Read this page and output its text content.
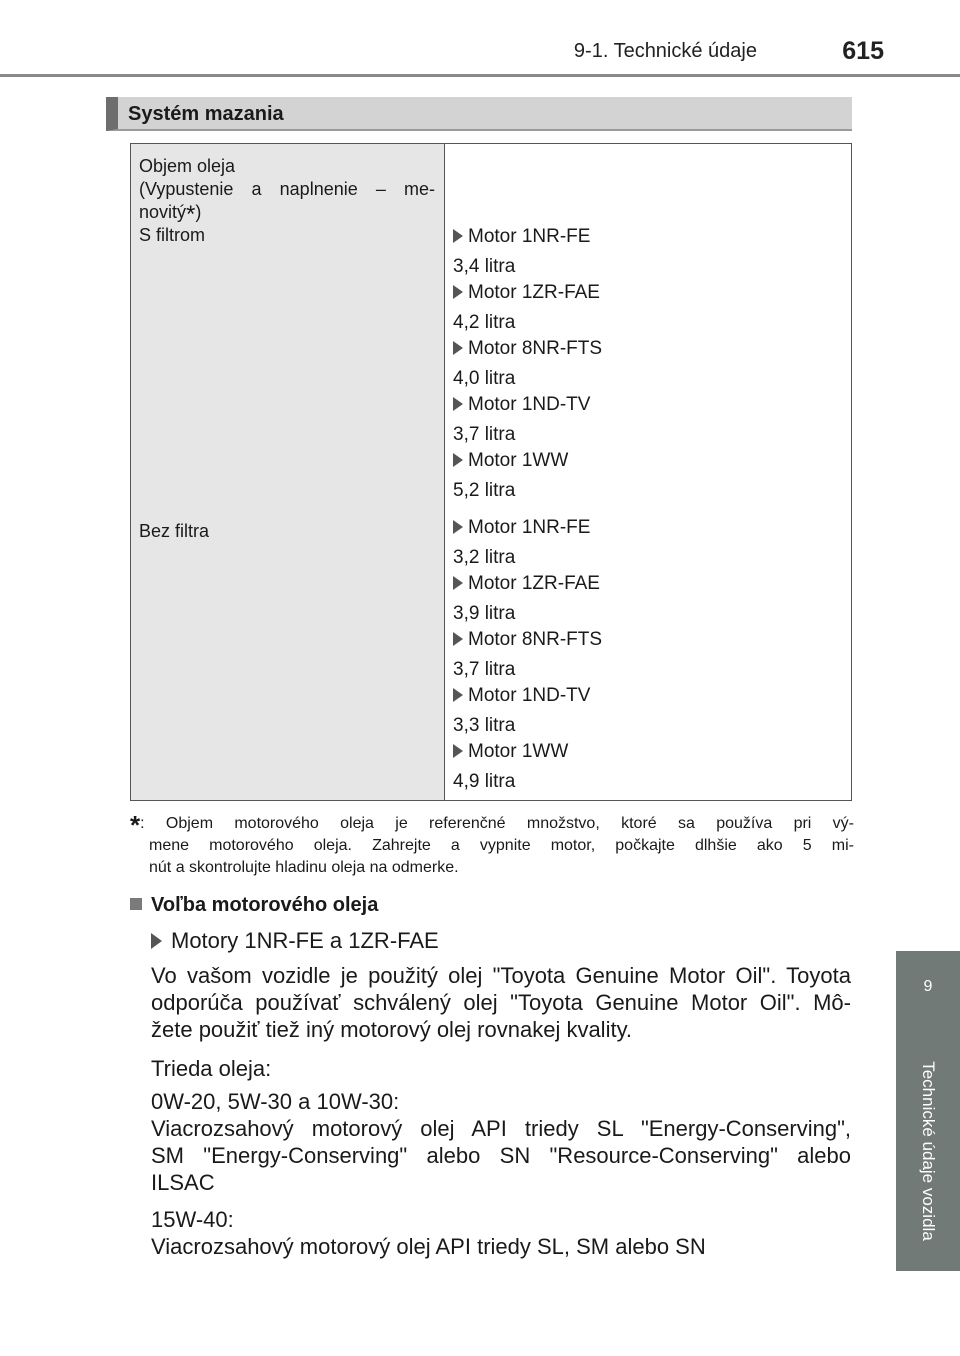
9-1. Technické údaje	615
9
Technické údaje vozidla
Systém mazania
Objem oleja
(Vypustenie a naplnenie – me-
novitý*)
S filtrom
Bez filtra
Motor 1NR-FE
3,4 litra
Motor 1ZR-FAE
4,2 litra
Motor 8NR-FTS
4,0 litra
Motor 1ND-TV
3,7 litra
Motor 1WW
5,2 litra
Motor 1NR-FE
3,2 litra
Motor 1ZR-FAE
3,9 litra
Motor 8NR-FTS
3,7 litra
Motor 1ND-TV
3,3 litra
Motor 1WW
4,9 litra
*: Objem motorového oleja je referenčné množstvo, ktoré sa používa pri vý-
mene motorového oleja. Zahrejte a vypnite motor, počkajte dlhšie ako 5 mi-
nút a skontrolujte hladinu oleja na odmerke.
Voľba motorového oleja
Motory 1NR-FE a 1ZR-FAE
Vo vašom vozidle je použitý olej "Toyota Genuine Motor Oil". Toyota
odporúča používať schválený olej "Toyota Genuine Motor Oil". Mô-
žete použiť tiež iný motorový olej rovnakej kvality.
Trieda oleja:
0W-20, 5W-30 a 10W-30:
Viacrozsahový motorový olej API triedy SL "Energy-Conserving",
SM "Energy-Conserving" alebo SN "Resource-Conserving" alebo
ILSAC
15W-40:
Viacrozsahový motorový olej API triedy SL, SM alebo SN
